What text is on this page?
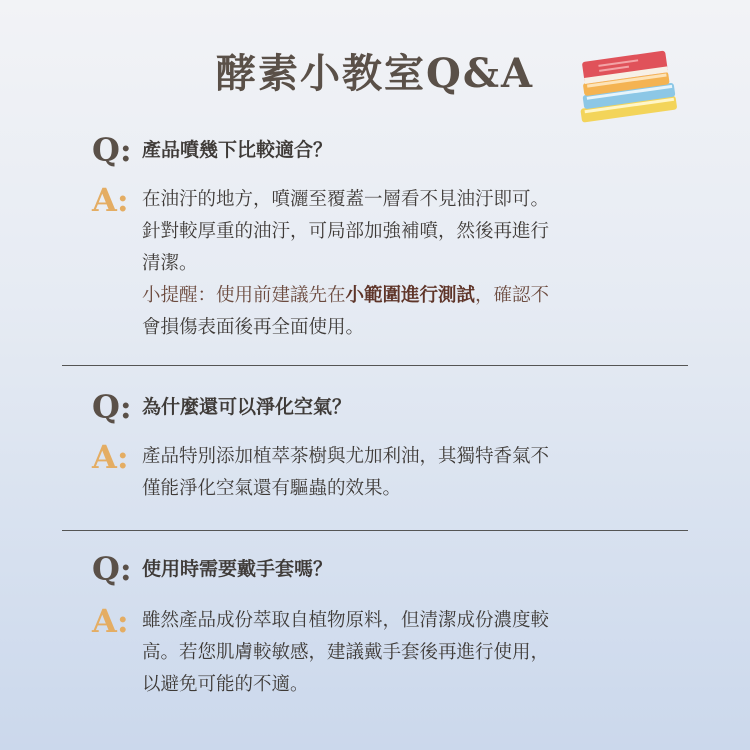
酵素小教室Q&A
Q: 產品噴幾下比較適合？
A: 在油汙的地方，噴灑至覆蓋一層看不見油汙即可。
針對較厚重的油汙，可局部加強補噴，然後再進行
清潔。
小提醒：使用前建議先在小範圍進行測試，確認不
會損傷表面後再全面使用。
Q: 為什麼還可以淨化空氣？
A: 產品特別添加植萃茶樹與尤加利油，其獨特香氣不
僅能淨化空氣還有驅蟲的效果。
Q: 使用時需要戴手套嗎？
A: 雖然產品成份萃取自植物原料，但清潔成份濃度較
高。若您肌膚較敏感，建議戴手套後再進行使用，
以避免可能的不適。
